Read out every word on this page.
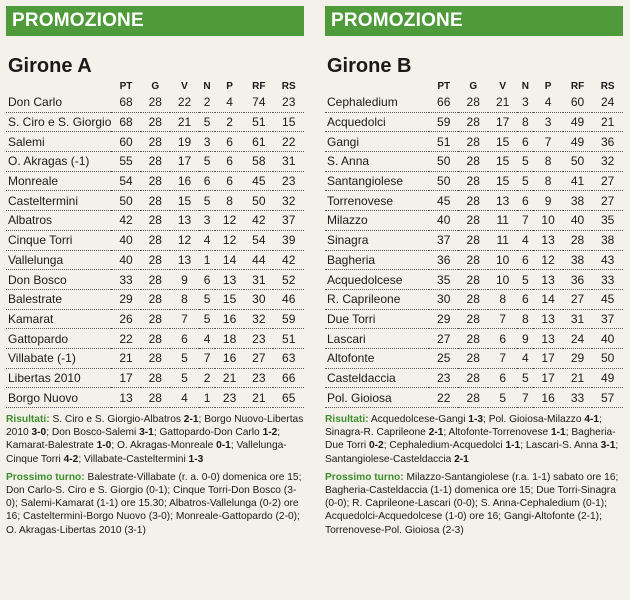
PROMOZIONE
Girone A
	PT	G	V	N	P	RF	RS
Don Carlo	68	28	22	2	4	74	23
S. Ciro e S. Giorgio	68	28	21	5	2	51	15
Salemi	60	28	19	3	6	61	22
O. Akragas (-1)	55	28	17	5	6	58	31
Monreale	54	28	16	6	6	45	23
Casteltermini	50	28	15	5	8	50	32
Albatros	42	28	13	3	12	42	37
Cinque Torri	40	28	12	4	12	54	39
Vallelunga	40	28	13	1	14	44	42
Don Bosco	33	28	9	6	13	31	52
Balestrate	29	28	8	5	15	30	46
Kamarat	26	28	7	5	16	32	59
Gattopardo	22	28	6	4	18	23	51
Villabate (-1)	21	28	5	7	16	27	63
Libertas 2010	17	28	5	2	21	23	66
Borgo Nuovo	13	28	4	1	23	21	65

Risultati: S. Ciro e S. Giorgio-Albatros 2-1; Borgo Nuovo-Libertas 2010 3-0; Don Bosco-Salemi 3-1; Gattopardo-Don Carlo 1-2; Kamarat-Balestrate 1-0; O. Akragas-Monreale 0-1; Vallelunga-Cinque Torri 4-2; Villabate-Casteltermini 1-3

Prossimo turno: Balestrate-Villabate (r. a. 0-0) domenica ore 15; Don Carlo-S. Ciro e S. Giorgio (0-1); Cinque Torri-Don Bosco (3-0); Salemi-Kamarat (1-1) ore 15.30; Albatros-Vallelunga (0-2) ore 16; Castelterminì-Borgo Nuovo (3-0); Monreale-Gattopardo (2-0); O. Akragas-Libertas 2010 (3-1)

PROMOZIONE
Girone B
	PT	G	V	N	P	RF	RS
Cephaledium	66	28	21	3	4	60	24
Acquedolci	59	28	17	8	3	49	21
Gangi	51	28	15	6	7	49	36
S. Anna	50	28	15	5	8	50	32
Santangiolese	50	28	15	5	8	41	27
Torrenovese	45	28	13	6	9	38	27
Milazzo	40	28	11	7	10	40	35
Sinagra	37	28	11	4	13	28	38
Bagheria	36	28	10	6	12	38	43
Acquedolcese	35	28	10	5	13	36	33
R. Caprileone	30	28	8	6	14	27	45
Due Torri	29	28	7	8	13	31	37
Lascari	27	28	6	9	13	24	40
Altofonte	25	28	7	4	17	29	50
Casteldaccia	23	28	6	5	17	21	49
Pol. Gioiosa	22	28	5	7	16	33	57

Risultati: Acquedolcese-Gangi 1-3; Pol. Gioiosa-Milazzo 4-1; Sinagra-R. Caprileone 2-1; Altofonte-Torrenovese 1-1; Bagheria-Due Torri 0-2; Cephaledium-Acquedolci 1-1; Lascari-S. Anna 3-1; Santangiolese-Casteldaccia 2-1

Prossimo turno: Milazzo-Santangiolese (r.a. 1-1) sabato ore 16; Bagheria-Casteldaccia (1-1) domenica ore 15; Due Torri-Sinagra (0-0); R. Caprileone-Lascari (0-0); S. Anna-Cephaledium (0-1); Acquedolci-Acquedolcese (1-0) ore 16; Gangi-Altofonte (2-1); Torrenovese-Pol. Gioiosa (2-3)
